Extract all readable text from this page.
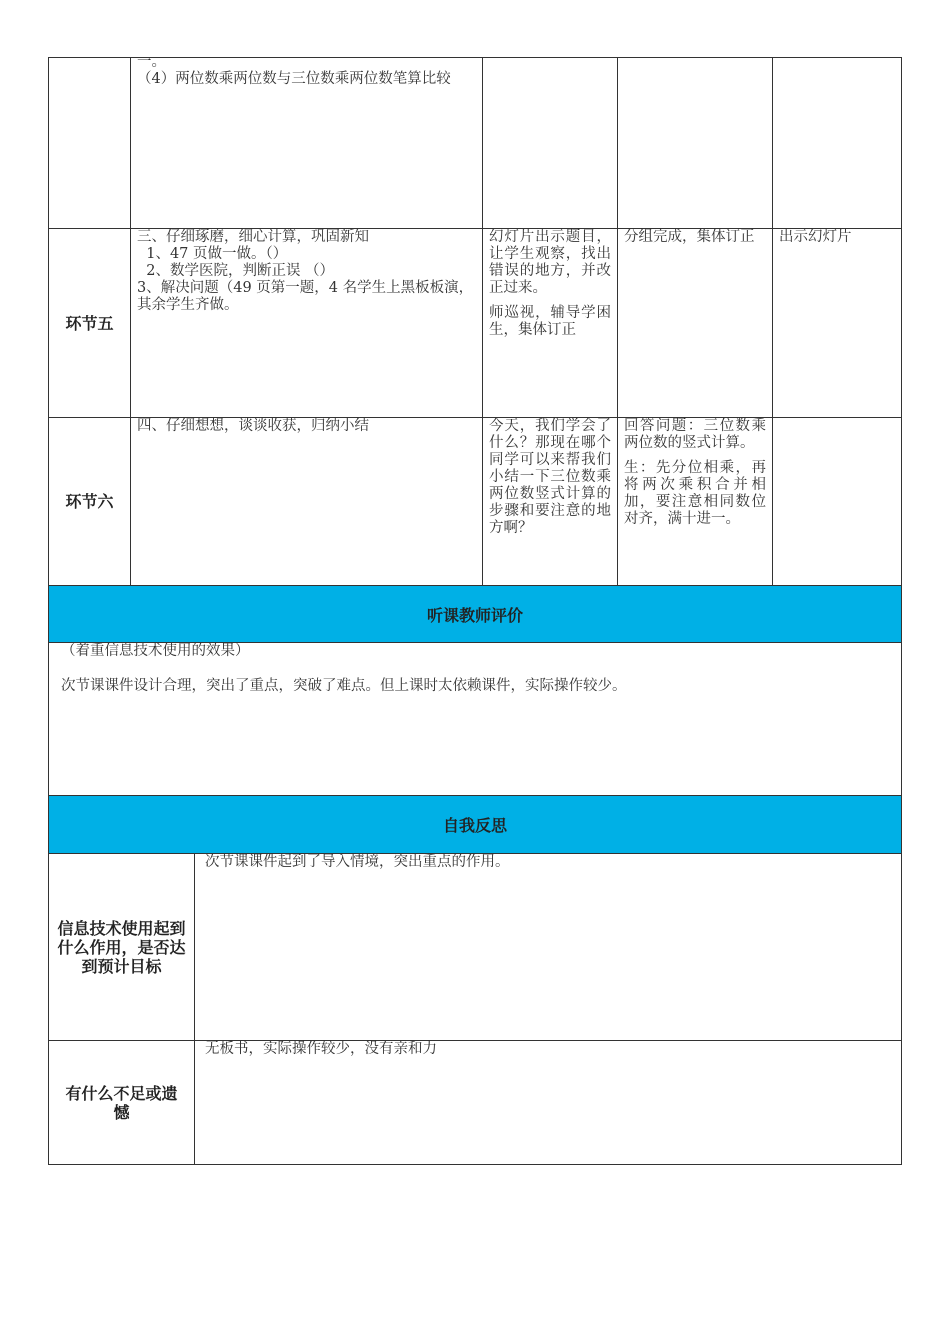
一。

（4）两位数乘两位数与三位数乘两位数笔算比较

环节五

三、仔细琢磨，细心计算，巩固新知

1、47 页做一做。（）

2、数学医院，判断正误 （）

3、解决问题（49 页第一题，4 名学生上黑板板演，其余学生齐做。

幻灯片出示题目，让学生观察，找出错误的地方，并改正过来。

师巡视，辅导学困生，集体订正

分组完成，集体订正	出示幻灯片

环节六

四、仔细想想，谈谈收获，归纳小结	今天，我们学会了什么？那现在哪个同学可以来帮我们小结一下三位数乘两位数竖式计算的步骤和要注意的地方啊？

回答问题：三位数乘两位数的竖式计算。

生：先分位相乘，再将两次乘积合并相加，要注意相同数位对齐，满十进一。

听课教师评价

（着重信息技术使用的效果）

次节课课件设计合理，突出了重点，突破了难点。但上课时太依赖课件，实际操作较少。

自我反思
信息技术使用起到什么作用，是否达到预计目标

次节课课件起到了导入情境，突出重点的作用。

有什么不足或遗憾

无板书，实际操作较少，没有亲和力
